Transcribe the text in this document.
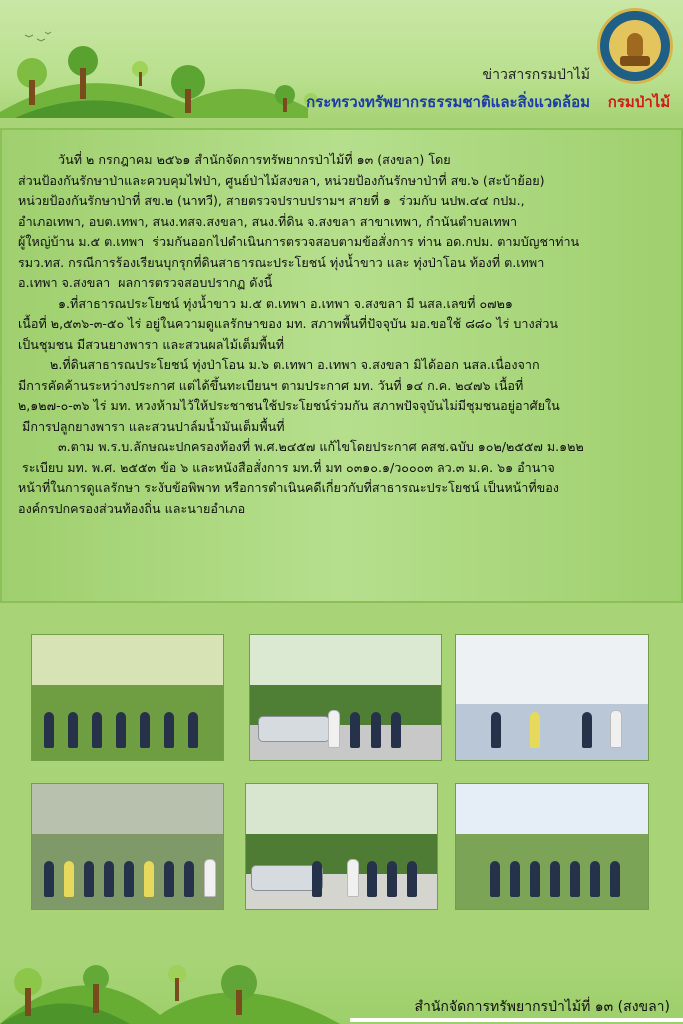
ข่าวสารกรมป่าไม้
กระทรวงทรัพยากรธรรมชาติและสิ่งแวดล้อม	กรมป่าไม้

วันที่ ๒ กรกฎาคม ๒๕๖๑ สำนักจัดการทรัพยากรป่าไม้ที่ ๑๓ (สงขลา) โดย
ส่วนป้องกันรักษาป่าและควบคุมไฟป่า, ศูนย์ป่าไม้สงขลา, หน่วยป้องกันรักษาป่าที่ สข.๖ (สะบ้าย้อย)
หน่วยป้องกันรักษาป่าที่ สข.๒ (นาทวี), สายตรวจปราบปรามฯ สายที่ ๑  ร่วมกับ นปพ.๔๔ กปม.,
อำเภอเทพา, อบต.เทพา, สนง.ทสจ.สงขลา, สนง.ที่ดิน จ.สงขลา สาขาเทพา, กำนันตำบลเทพา
ผู้ใหญ่บ้าน ม.๕ ต.เทพา  ร่วมกันออกไปดำเนินการตรวจสอบตามข้อสั่งการ ท่าน อด.กปม. ตามบัญชาท่าน
รมว.ทส. กรณีการร้องเรียนบุกรุกที่ดินสาธารณะประโยชน์ ทุ่งน้ำขาว และ ทุ่งป่าโอน ท้องที่ ต.เทพา
อ.เทพา จ.สงขลา  ผลการตรวจสอบปรากฏ ดังนี้

๑.ที่สาธารณประโยชน์ ทุ่งน้ำขาว ม.๕ ต.เทพา อ.เทพา จ.สงขลา มี นสล.เลขที่ ๐๗๒๑
เนื้อที่ ๒,๕๓๖-๓-๕๐ ไร่ อยู่ในความดูแลรักษาของ มท. สภาพพื้นที่ปัจจุบัน มอ.ขอใช้ ๘๘๐ ไร่ บางส่วน
เป็นชุมชน มีสวนยางพารา และสวนผลไม้เต็มพื้นที่

๒.ที่ดินสาธารณประโยชน์ ทุ่งป่าโอน ม.๖ ต.เทพา อ.เทพา จ.สงขลา มิได้ออก นสล.เนื่องจาก
มีการคัดค้านระหว่างประกาศ แต่ได้ขึ้นทะเบียนฯ ตามประกาศ มท. วันที่ ๑๔ ก.ค. ๒๔๗๖ เนื้อที่
๒,๑๒๗-๐-๓๖ ไร่ มท. หวงห้ามไว้ให้ประชาชนใช้ประโยชน์ร่วมกัน สภาพปัจจุบันไม่มีชุมชนอยู่อาศัยใน
มีการปลูกยางพารา และสวนปาล์มน้ำมันเต็มพื้นที่

๓.ตาม พ.ร.บ.ลักษณะปกครองท้องที่ พ.ศ.๒๔๕๗ แก้ไขโดยประกาศ คสช.ฉบับ ๑๐๒/๒๕๕๗ ม.๑๒๒
ระเบียบ มท. พ.ศ. ๒๕๕๓ ข้อ ๖ และหนังสือสั่งการ มท.ที่ มท ๐๓๑๐.๑/ว๐๐๐๓ ลว.๓ ม.ค. ๖๑ อำนาจ
หน้าที่ในการดูแลรักษา ระงับข้อพิพาท หรือการดำเนินคดีเกี่ยวกับที่สาธารณะประโยชน์ เป็นหน้าที่ของ
องค์กรปกครองส่วนท้องถิ่น และนายอำเภอ

สำนักจัดการทรัพยากรป่าไม้ที่ ๑๓ (สงขลา)
